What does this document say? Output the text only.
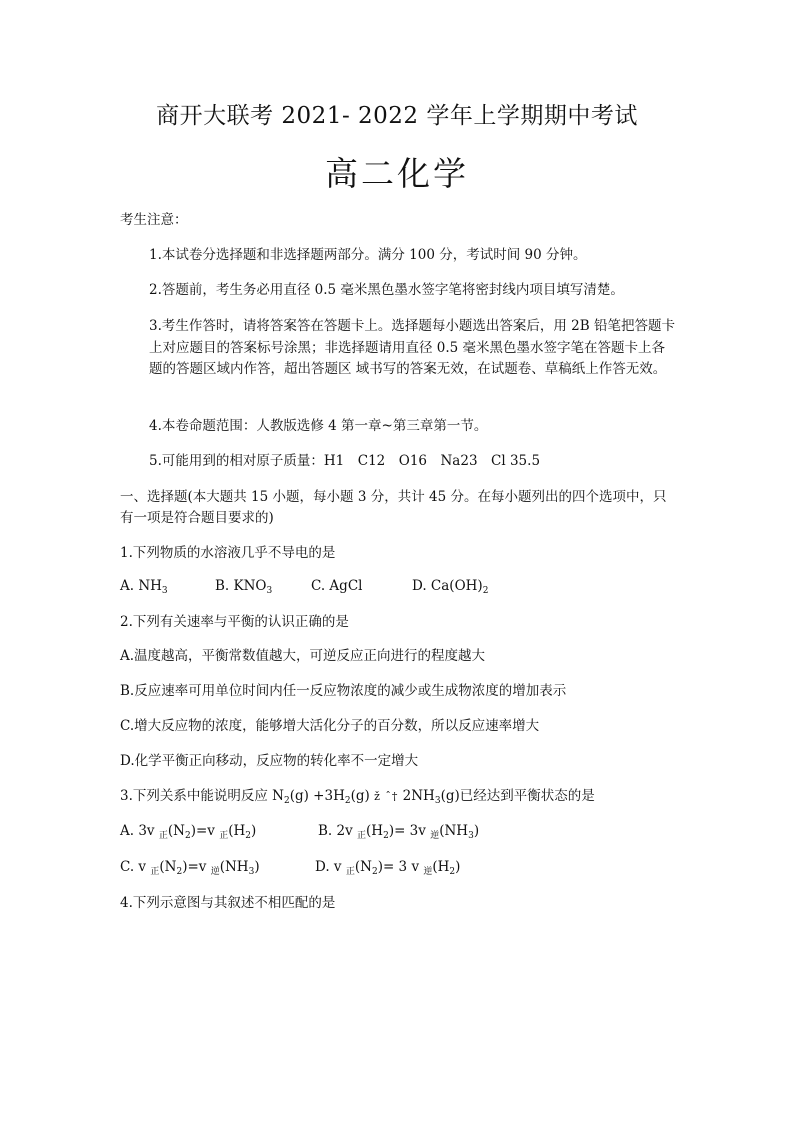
商开大联考 2021- 2022 学年上学期期中考试
高二化学
考生注意：
1.本试卷分选择题和非选择题两部分。满分 100 分，考试时间 90 分钟。
2.答题前，考生务必用直径 0.5 毫米黑色墨水签字笔将密封线内项目填写清楚。
3.考生作答时，请将答案答在答题卡上。选择题每小题选出答案后，用 2B 铅笔把答题卡上对应题目的答案标号涂黑；非选择题请用直径 0.5 毫米黑色墨水签字笔在答题卡上各题的答题区域内作答，超出答题区 域书写的答案无效，在试题卷、草稿纸上作答无效。
4.本卷命题范围：人教版选修 4 第一章~第三章第一节。
5.可能用到的相对原子质量：H1　C12　O16　Na23　Cl 35.5
一、选择题(本大题共 15 小题，每小题 3 分，共计 45 分。在每小题列出的四个选项中，只
有一项是符合题目要求的)
1.下列物质的水溶液几乎不导电的是
A. $NH_3$	B. $KNO_3$	C. AgCl	D. $Ca(OH)_2$
2.下列有关速率与平衡的认识正确的是
A.温度越高，平衡常数值越大，可逆反应正向进行的程度越大
B.反应速率可用单位时间内任一反应物浓度的减少或生成物浓度的增加表示
C.增大反应物的浓度，能够增大活化分子的百分数，所以反应速率增大
D.化学平衡正向移动，反应物的转化率不一定增大
3.下列关系中能说明反应 $N_2(g) +3H_2(g)$ ž ˆ† $2NH_3(g)$已经达到平衡状态的是
A. 3v $_正(N_2)=v$ $_正(H_2)$	B. 2v $_正(H_2)= 3v$ $_逆(NH_3)$
C. v $_正(N_2)=v$ $_逆(NH_3)$	D. v $_正(N_2)= 3$ v $_逆(H_2)$
4.下列示意图与其叙述不相匹配的是
